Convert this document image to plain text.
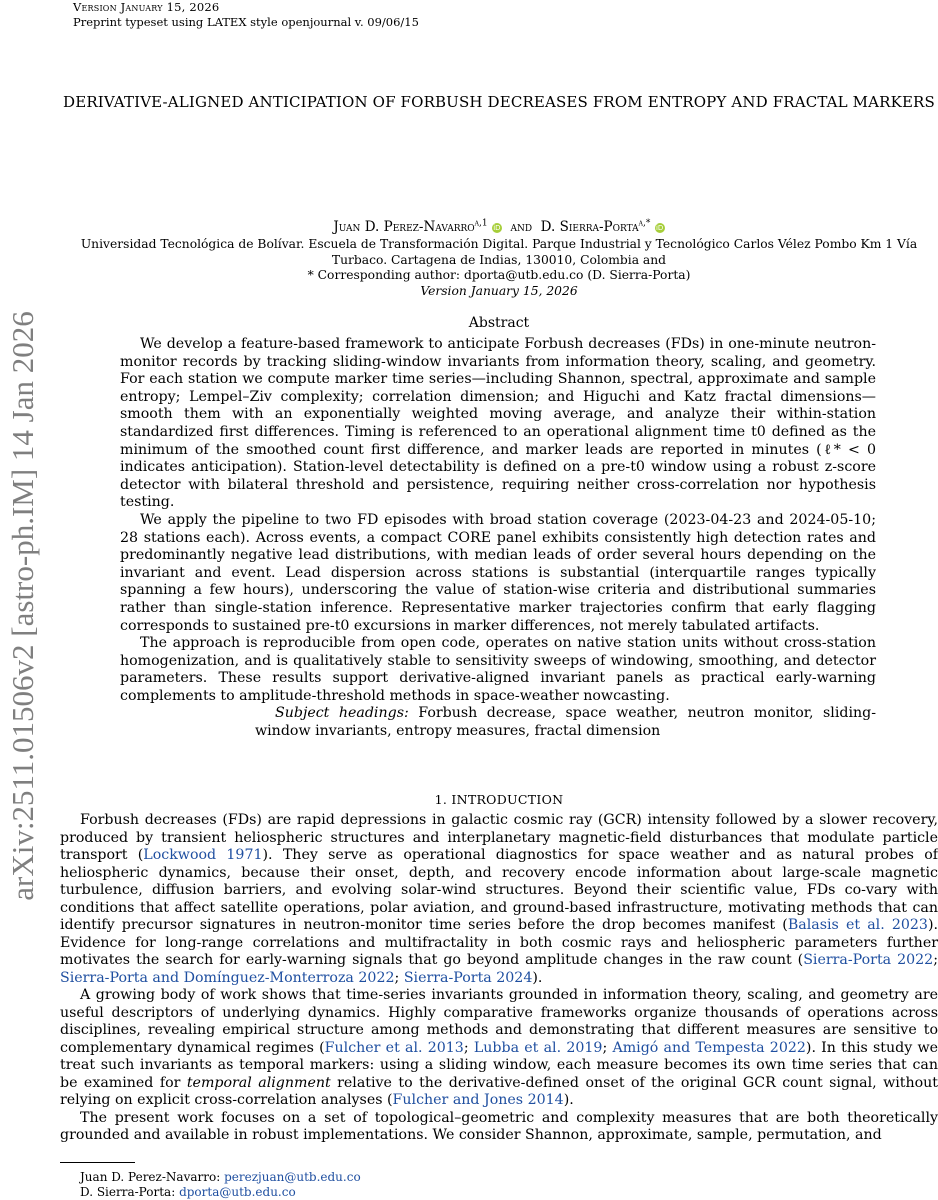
Version January 15, 2026
Preprint typeset using LATEX style openjournal v. 09/06/15
arXiv:2511.01506v2 [astro-ph.IM] 14 Jan 2026
DERIVATIVE-ALIGNED ANTICIPATION OF FORBUSH DECREASES FROM ENTROPY AND FRACTAL MARKERS
Juan D. Perez-Navarro$^{a,1}$ iD and D. Sierra-Porta$^{a,*}$ iD
Universidad Tecnológica de Bolívar. Escuela de Transformación Digital. Parque Industrial y Tecnológico Carlos Vélez Pombo Km 1 Vía
Turbaco. Cartagena de Indias, 130010, Colombia and
* Corresponding author: dporta@utb.edu.co (D. Sierra-Porta)
Version January 15, 2026
Abstract

We develop a feature-based framework to anticipate Forbush decreases (FDs) in one-minute neutron-monitor records by tracking sliding-window invariants from information theory, scaling, and geometry. For each station we compute marker time series—including Shannon, spectral, approximate and sample entropy; Lempel–Ziv complexity; correlation dimension; and Higuchi and Katz fractal dimensions—smooth them with an exponentially weighted moving average, and analyze their within-station standardized first differences. Timing is referenced to an operational alignment time t0 defined as the minimum of the smoothed count first difference, and marker leads are reported in minutes (ℓ* < 0 indicates anticipation). Station-level detectability is defined on a pre-t0 window using a robust z-score detector with bilateral threshold and persistence, requiring neither cross-correlation nor hypothesis testing.

We apply the pipeline to two FD episodes with broad station coverage (2023-04-23 and 2024-05-10; 28 stations each). Across events, a compact CORE panel exhibits consistently high detection rates and predominantly negative lead distributions, with median leads of order several hours depending on the invariant and event. Lead dispersion across stations is substantial (interquartile ranges typically spanning a few hours), underscoring the value of station-wise criteria and distributional summaries rather than single-station inference. Representative marker trajectories confirm that early flagging corresponds to sustained pre-t0 excursions in marker differences, not merely tabulated artifacts.

The approach is reproducible from open code, operates on native station units without cross-station homogenization, and is qualitatively stable to sensitivity sweeps of windowing, smoothing, and detector parameters. These results support derivative-aligned invariant panels as practical early-warning complements to amplitude-threshold methods in space-weather nowcasting.

Subject headings: Forbush decrease, space weather, neutron monitor, sliding-window invariants, entropy measures, fractal dimension

1. INTRODUCTION

Forbush decreases (FDs) are rapid depressions in galactic cosmic ray (GCR) intensity followed by a slower recovery, produced by transient heliospheric structures and interplanetary magnetic-field disturbances that modulate particle transport (Lockwood 1971). They serve as operational diagnostics for space weather and as natural probes of heliospheric dynamics, because their onset, depth, and recovery encode information about large-scale magnetic turbulence, diffusion barriers, and evolving solar-wind structures. Beyond their scientific value, FDs co-vary with conditions that affect satellite operations, polar aviation, and ground-based infrastructure, motivating methods that can identify precursor signatures in neutron-monitor time series before the drop becomes manifest (Balasis et al. 2023). Evidence for long-range correlations and multifractality in both cosmic rays and heliospheric parameters further motivates the search for early-warning signals that go beyond amplitude changes in the raw count (Sierra-Porta 2022; Sierra-Porta and Domínguez-Monterroza 2022; Sierra-Porta 2024).

A growing body of work shows that time-series invariants grounded in information theory, scaling, and geometry are useful descriptors of underlying dynamics. Highly comparative frameworks organize thousands of operations across disciplines, revealing empirical structure among methods and demonstrating that different measures are sensitive to complementary dynamical regimes (Fulcher et al. 2013; Lubba et al. 2019; Amigó and Tempesta 2022). In this study we treat such invariants as temporal markers: using a sliding window, each measure becomes its own time series that can be examined for temporal alignment relative to the derivative-defined onset of the original GCR count signal, without relying on explicit cross-correlation analyses (Fulcher and Jones 2014).

The present work focuses on a set of topological–geometric and complexity measures that are both theoretically grounded and available in robust implementations. We consider Shannon, approximate, sample, permutation, and

Juan D. Perez-Navarro: perezjuan@utb.edu.co
D. Sierra-Porta: dporta@utb.edu.co
